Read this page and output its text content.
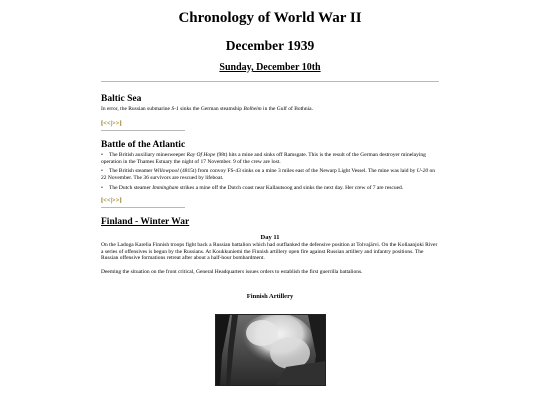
Chronology of World War II
December 1939
Sunday, December 10th
Baltic Sea

In error, the Russian submarine S-1 sinks the German steamship Bolheim in the Gulf of Bothnia.

[<<|>>]
Battle of the Atlantic

• The British auxiliary minesweeper Ray Of Hope (98t) hits a mine and sinks off Ramsgate. This is the result of the German destroyer minelaying operation in the Thames Estuary the night of 17 November. 9 of the crew are lost.

• The British steamer Willowpool (4815t) from convoy FS-43 sinks on a mine 3 miles east of the Newarp Light Vessel. The mine was laid by U-20 on 22 November. The 36 survivors are rescued by lifeboat.

• The Dutch steamer Immingham strikes a mine off the Dutch coast near Kallautsoog and sinks the next day. Her crew of 7 are rescued.

[<<|>>]
Finland - Winter War

Day 11

On the Ladoga Karelia Finnish troops fight back a Russian battalion which had outflanked the defensive position at Tolvajärvi. On the Kollaanjoki River a series of offensives is begun by the Russians. At Koukkuniemi the Finnish artillery open fire against Russian artillery and infantry positions. The Russian offensive formations retreat after about a half-hour bombardment.

Deeming the situation on the front critical, General Headquarters issues orders to establish the first guerrilla battalions.

Finnish Artillery
